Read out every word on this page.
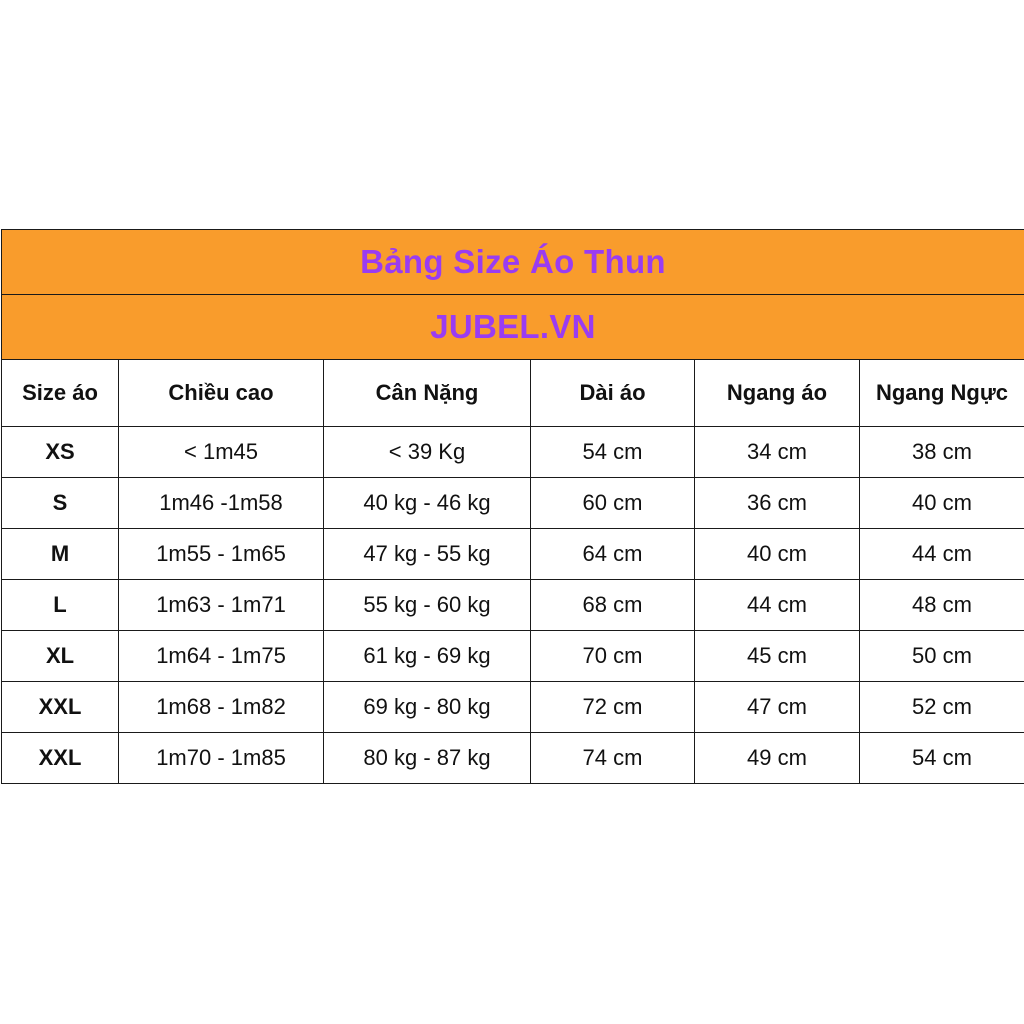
Bảng Size Áo Thun					
JUBEL.VN					
Size áo	Chiều cao	Cân Nặng	Dài áo	Ngang áo	Ngang Ngực
XS	< 1m45	< 39 Kg	54 cm	34 cm	38 cm
S	1m46 -1m58	40 kg - 46 kg	60 cm	36 cm	40 cm
M	1m55 - 1m65	47 kg - 55 kg	64 cm	40 cm	44 cm
L	1m63 - 1m71	55 kg - 60 kg	68 cm	44 cm	48 cm
XL	1m64 - 1m75	61 kg - 69 kg	70 cm	45 cm	50 cm
XXL	1m68 - 1m82	69 kg - 80 kg	72 cm	47 cm	52 cm
XXL	1m70 - 1m85	80 kg - 87 kg	74 cm	49 cm	54 cm
